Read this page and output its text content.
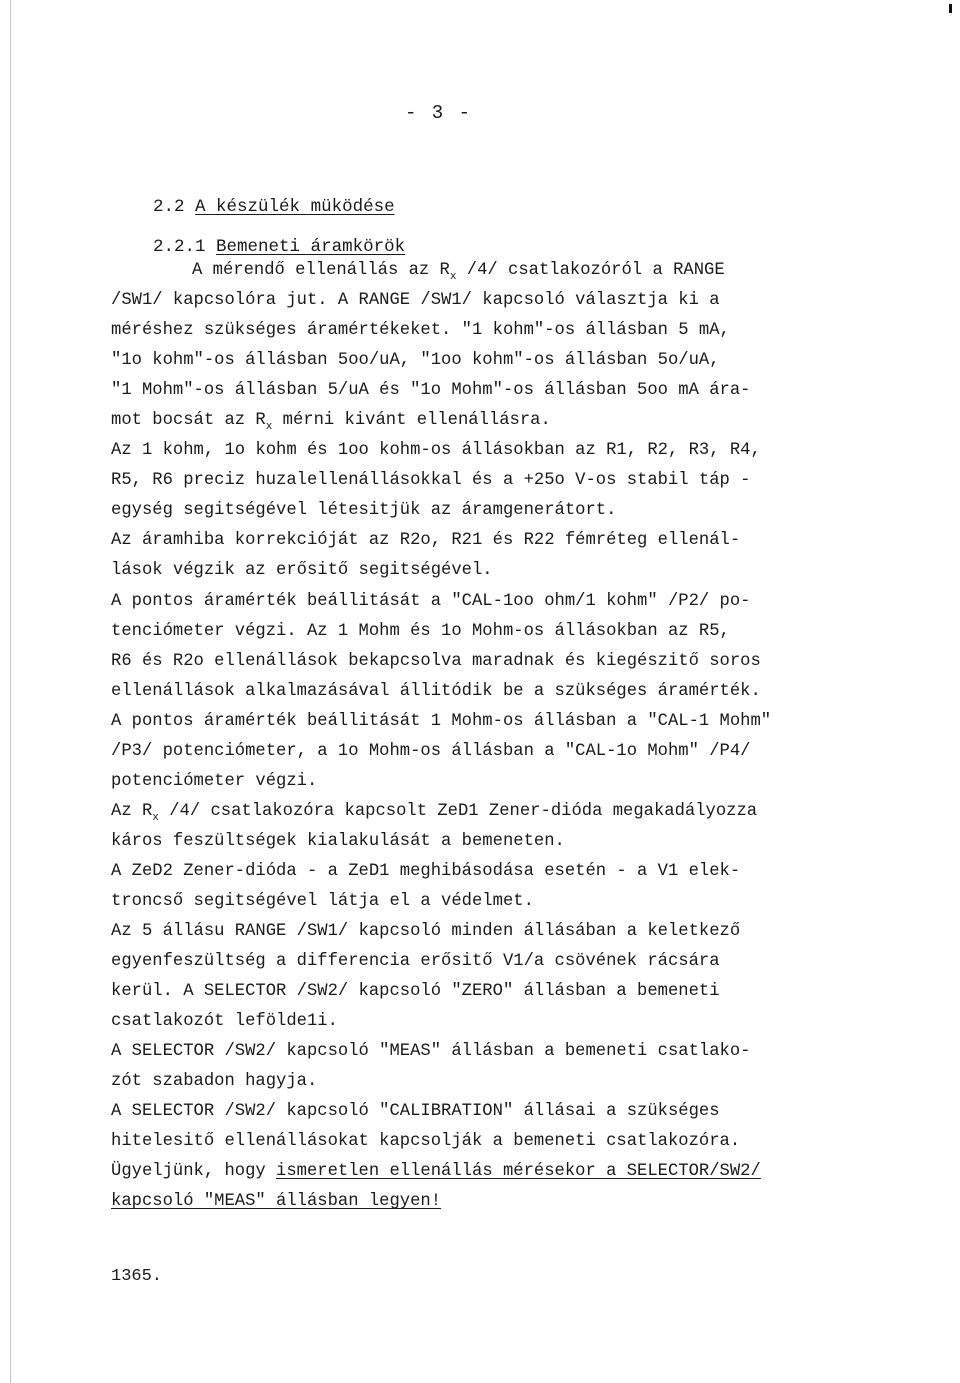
- 3 -

2.2 A készülék müködése

2.2.1 Bemeneti áramkörök

A mérendő ellenállás az $R_x$ /4/ csatlakozóról a RANGE
/SW1/ kapcsolóra jut. A RANGE /SW1/ kapcsoló választja ki a
méréshez szükséges áramértékeket. "1 kohm"-os állásban 5 mA,
"1o kohm"-os állásban 5oo/uA, "1oo kohm"-os állásban 5o/uA,
"1 Mohm"-os állásban 5/uA és "1o Mohm"-os állásban 5oo mA ára-
mot bocsát az $R_x$ mérni kivánt ellenállásra.
Az 1 kohm, 1o kohm és 1oo kohm-os állásokban az R1, R2, R3, R4,
R5, R6 preciz huzalellenállásokkal és a +25o V-os stabil táp -
egység segitségével létesitjük az áramgenerátort.
Az áramhiba korrekcióját az R2o, R21 és R22 fémréteg ellenál-
lások végzik az erősitő segitségével.
A pontos áramérték beállitását a "CAL-1oo ohm/1 kohm" /P2/ po-
tenciómeter végzi. Az 1 Mohm és 1o Mohm-os állásokban az R5,
R6 és R2o ellenállások bekapcsolva maradnak és kiegészitő soros
ellenállások alkalmazásával állitódik be a szükséges áramérték.
A pontos áramérték beállitását 1 Mohm-os állásban a "CAL-1 Mohm"
/P3/ potenciómeter, a 1o Mohm-os állásban a "CAL-1o Mohm" /P4/
potenciómeter végzi.
Az $R_x$ /4/ csatlakozóra kapcsolt ZeD1 Zener-dióda megakadályozza
káros feszültségek kialakulását a bemeneten.
A ZeD2 Zener-dióda - a ZeD1 meghibásodása esetén - a V1 elek-
troncső segitségével látja el a védelmet.
Az 5 állásu RANGE /SW1/ kapcsoló minden állásában a keletkező
egyenfeszültség a differencia erősitő V1/a csövének rácsára
kerül. A SELECTOR /SW2/ kapcsoló "ZERO" állásban a bemeneti
csatlakozót lefölde1i.
A SELECTOR /SW2/ kapcsoló "MEAS" állásban a bemeneti csatlako-
zót szabadon hagyja.
A SELECTOR /SW2/ kapcsoló "CALIBRATION" állásai a szükséges
hitelesitő ellenállásokat kapcsolják a bemeneti csatlakozóra.
Ügyeljünk, hogy ismeretlen ellenállás mérésekor a SELECTOR/SW2/
kapcsoló "MEAS" állásban legyen!
1365.
